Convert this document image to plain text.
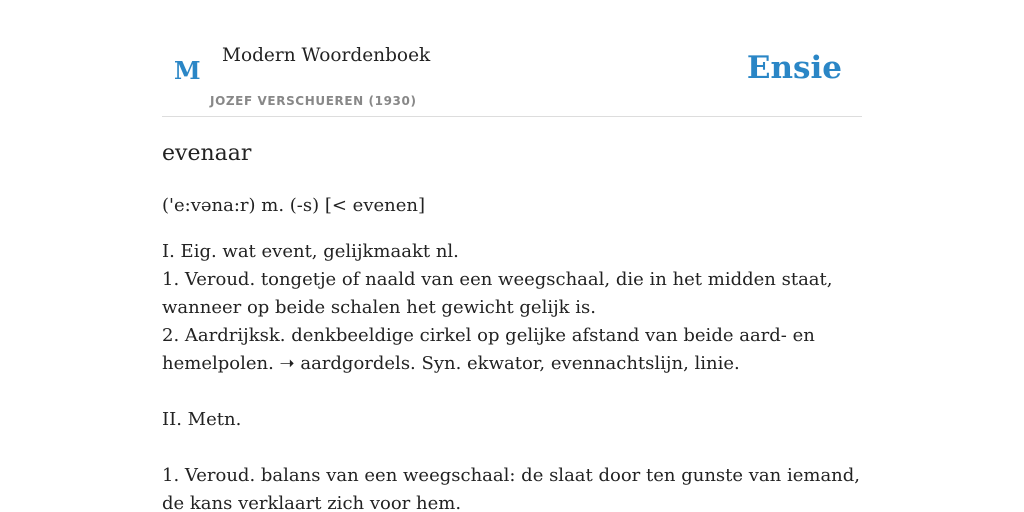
M
Modern Woordenboek
JOZEF VERSCHUEREN (1930)
Ensie
evenaar
('e:vəna:r) m. (-s) [< evenen]

I. Eig. wat event, gelijkmaakt nl.

1. Veroud. tongetje of naald van een weegschaal, die in het midden staat, wanneer op beide schalen het gewicht gelijk is.

2. Aardrijksk. denkbeeldige cirkel op gelijke afstand van beide aard- en hemelpolen. ➝ aardgordels. Syn. ekwator, evennachtslijn, linie.

II. Metn.

1. Veroud. balans van een weegschaal: de slaat door ten gunste van iemand, de kans verklaart zich voor hem.
